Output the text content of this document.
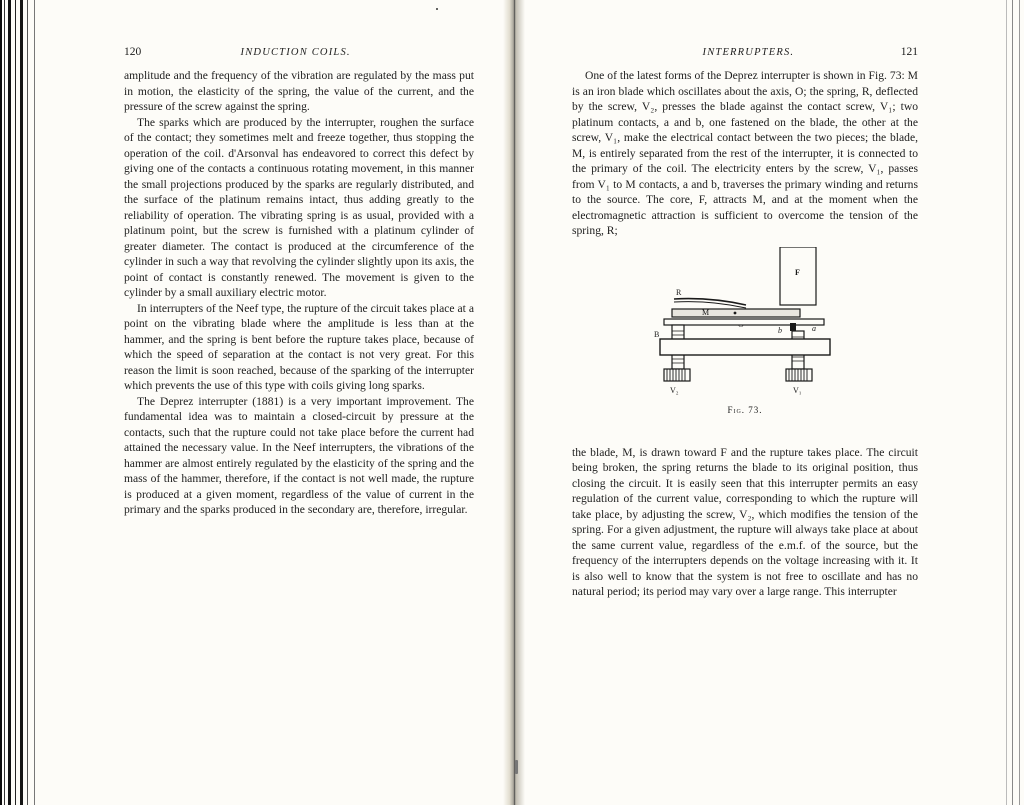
120	INDUCTION COILS.

amplitude and the frequency of the vibration are regulated by the mass put in motion, the elasticity of the spring, the value of the current, and the pressure of the screw against the spring.

The sparks which are produced by the interrupter, roughen the surface of the contact; they sometimes melt and freeze together, thus stopping the operation of the coil. d'Arsonval has endeavored to correct this defect by giving one of the contacts a continuous rotating movement, in this manner the small projections produced by the sparks are regularly distributed, and the surface of the platinum remains intact, thus adding greatly to the reliability of operation. The vibrating spring is as usual, provided with a platinum point, but the screw is furnished with a platinum cylinder of greater diameter. The contact is produced at the circumference of the cylinder in such a way that revolving the cylinder slightly upon its axis, the point of contact is constantly renewed. The movement is given to the cylinder by a small auxiliary electric motor.

In interrupters of the Neef type, the rupture of the circuit takes place at a point on the vibrating blade where the amplitude is less than at the hammer, and the spring is bent before the rupture takes place, because of which the speed of separation at the contact is not very great. For this reason the limit is soon reached, because of the sparking of the interrupter which prevents the use of this type with coils giving long sparks.

The Deprez interrupter (1881) is a very important improvement. The fundamental idea was to maintain a closed-circuit by pressure at the contacts, such that the rupture could not take place before the current had attained the necessary value. In the Neef interrupters, the vibrations of the hammer are almost entirely regulated by the elasticity of the spring and the mass of the hammer, therefore, if the contact is not well made, the rupture is produced at a given moment, regardless of the value of current in the primary and the sparks produced in the secondary are, therefore, irregular.

INTERRUPTERS.	121

One of the latest forms of the Deprez interrupter is shown in Fig. 73: M is an iron blade which oscillates about the axis, O; the spring, R, deflected by the screw, V₂, presses the blade against the contact screw, V₁; two platinum contacts, a and b, one fastened on the blade, the other at the screw, V₁, make the electrical contact between the two pieces; the blade, M, is entirely separated from the rest of the interrupter, it is connected to the primary of the coil. The electricity enters by the screw, V₁, passes from V₁ to M contacts, a and b, traverses the primary winding and returns to the source. The core, F, attracts M, and at the moment when the electromagnetic attraction is sufficient to overcome the tension of the spring, R;

F
R
M
b	a
B
V₂	V₁
Fig. 73.

the blade, M, is drawn toward F and the rupture takes place. The circuit being broken, the spring returns the blade to its original position, thus closing the circuit. It is easily seen that this interrupter permits an easy regulation of the current value, corresponding to which the rupture will take place, by adjusting the screw, V₂, which modifies the tension of the spring. For a given adjustment, the rupture will always take place at about the same current value, regardless of the e.m.f. of the source, but the frequency of the interrupters depends on the voltage increasing with it. It is also well to know that the system is not free to oscillate and has no natural period; its period may vary over a large range. This interrupter
